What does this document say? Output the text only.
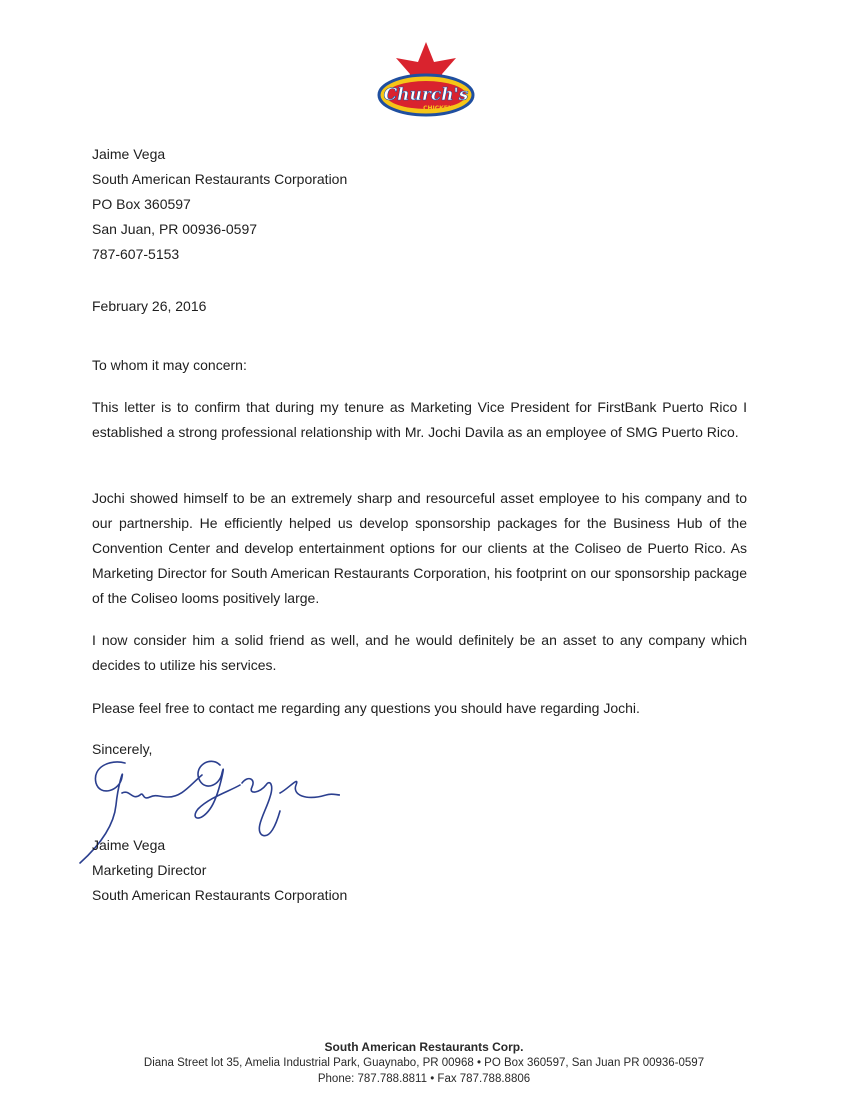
Church's
CHICKEN
Jaime Vega
South American Restaurants Corporation
PO Box 360597
San Juan, PR 00936-0597
787-607-5153
February 26, 2016
To whom it may concern:

This letter is to confirm that during my tenure as Marketing Vice President for FirstBank Puerto Rico I established a strong professional relationship with Mr. Jochi Davila as an employee of SMG Puerto Rico.

Jochi showed himself to be an extremely sharp and resourceful asset employee to his company and to our partnership. He efficiently helped us develop sponsorship packages for the Business Hub of the Convention Center and develop entertainment options for our clients at the Coliseo de Puerto Rico. As Marketing Director for South American Restaurants Corporation, his footprint on our sponsorship package of the Coliseo looms positively large.

I now consider him a solid friend as well, and he would definitely be an asset to any company which decides to utilize his services.

Please feel free to contact me regarding any questions you should have regarding Jochi.

Sincerely,
Jaime Vega
Marketing Director
South American Restaurants Corporation
South American Restaurants Corp.
Diana Street lot 35, Amelia Industrial Park, Guaynabo, PR 00968 • PO Box 360597, San Juan PR 00936-0597
Phone: 787.788.8811 • Fax 787.788.8806
